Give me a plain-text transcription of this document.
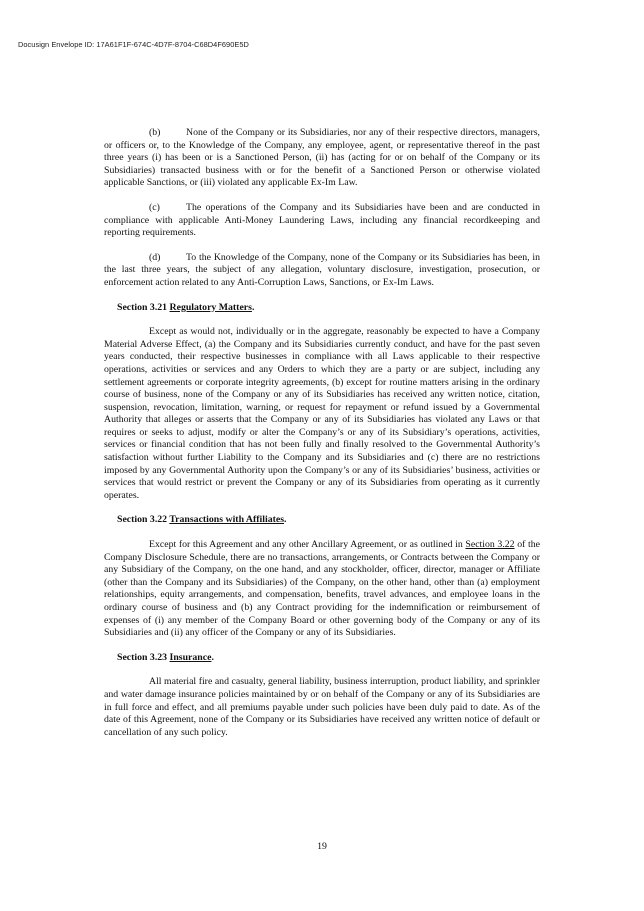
Docusign Envelope ID: 17A61F1F-674C-4D7F-8704-C68D4F690E5D

(b)	None of the Company or its Subsidiaries, nor any of their respective directors, managers, or officers or, to the Knowledge of the Company, any employee, agent, or representative thereof in the past three years (i) has been or is a Sanctioned Person, (ii) has (acting for or on behalf of the Company or its Subsidiaries) transacted business with or for the benefit of a Sanctioned Person or otherwise violated applicable Sanctions, or (iii) violated any applicable Ex-Im Law.

(c)	The operations of the Company and its Subsidiaries have been and are conducted in compliance with applicable Anti-Money Laundering Laws, including any financial recordkeeping and reporting requirements.

(d)	To the Knowledge of the Company, none of the Company or its Subsidiaries has been, in the last three years, the subject of any allegation, voluntary disclosure, investigation, prosecution, or enforcement action related to any Anti-Corruption Laws, Sanctions, or Ex-Im Laws.

Section 3.21 Regulatory Matters.

Except as would not, individually or in the aggregate, reasonably be expected to have a Company Material Adverse Effect, (a) the Company and its Subsidiaries currently conduct, and have for the past seven years conducted, their respective businesses in compliance with all Laws applicable to their respective operations, activities or services and any Orders to which they are a party or are subject, including any settlement agreements or corporate integrity agreements, (b) except for routine matters arising in the ordinary course of business, none of the Company or any of its Subsidiaries has received any written notice, citation, suspension, revocation, limitation, warning, or request for repayment or refund issued by a Governmental Authority that alleges or asserts that the Company or any of its Subsidiaries has violated any Laws or that requires or seeks to adjust, modify or alter the Company’s or any of its Subsidiary’s operations, activities, services or financial condition that has not been fully and finally resolved to the Governmental Authority’s satisfaction without further Liability to the Company and its Subsidiaries and (c) there are no restrictions imposed by any Governmental Authority upon the Company’s or any of its Subsidiaries’ business, activities or services that would restrict or prevent the Company or any of its Subsidiaries from operating as it currently operates.

Section 3.22 Transactions with Affiliates.

Except for this Agreement and any other Ancillary Agreement, or as outlined in Section 3.22 of the Company Disclosure Schedule, there are no transactions, arrangements, or Contracts between the Company or any Subsidiary of the Company, on the one hand, and any stockholder, officer, director, manager or Affiliate (other than the Company and its Subsidiaries) of the Company, on the other hand, other than (a) employment relationships, equity arrangements, and compensation, benefits, travel advances, and employee loans in the ordinary course of business and (b) any Contract providing for the indemnification or reimbursement of expenses of (i) any member of the Company Board or other governing body of the Company or any of its Subsidiaries and (ii) any officer of the Company or any of its Subsidiaries.

Section 3.23 Insurance.

All material fire and casualty, general liability, business interruption, product liability, and sprinkler and water damage insurance policies maintained by or on behalf of the Company or any of its Subsidiaries are in full force and effect, and all premiums payable under such policies have been duly paid to date. As of the date of this Agreement, none of the Company or its Subsidiaries have received any written notice of default or cancellation of any such policy.

19
